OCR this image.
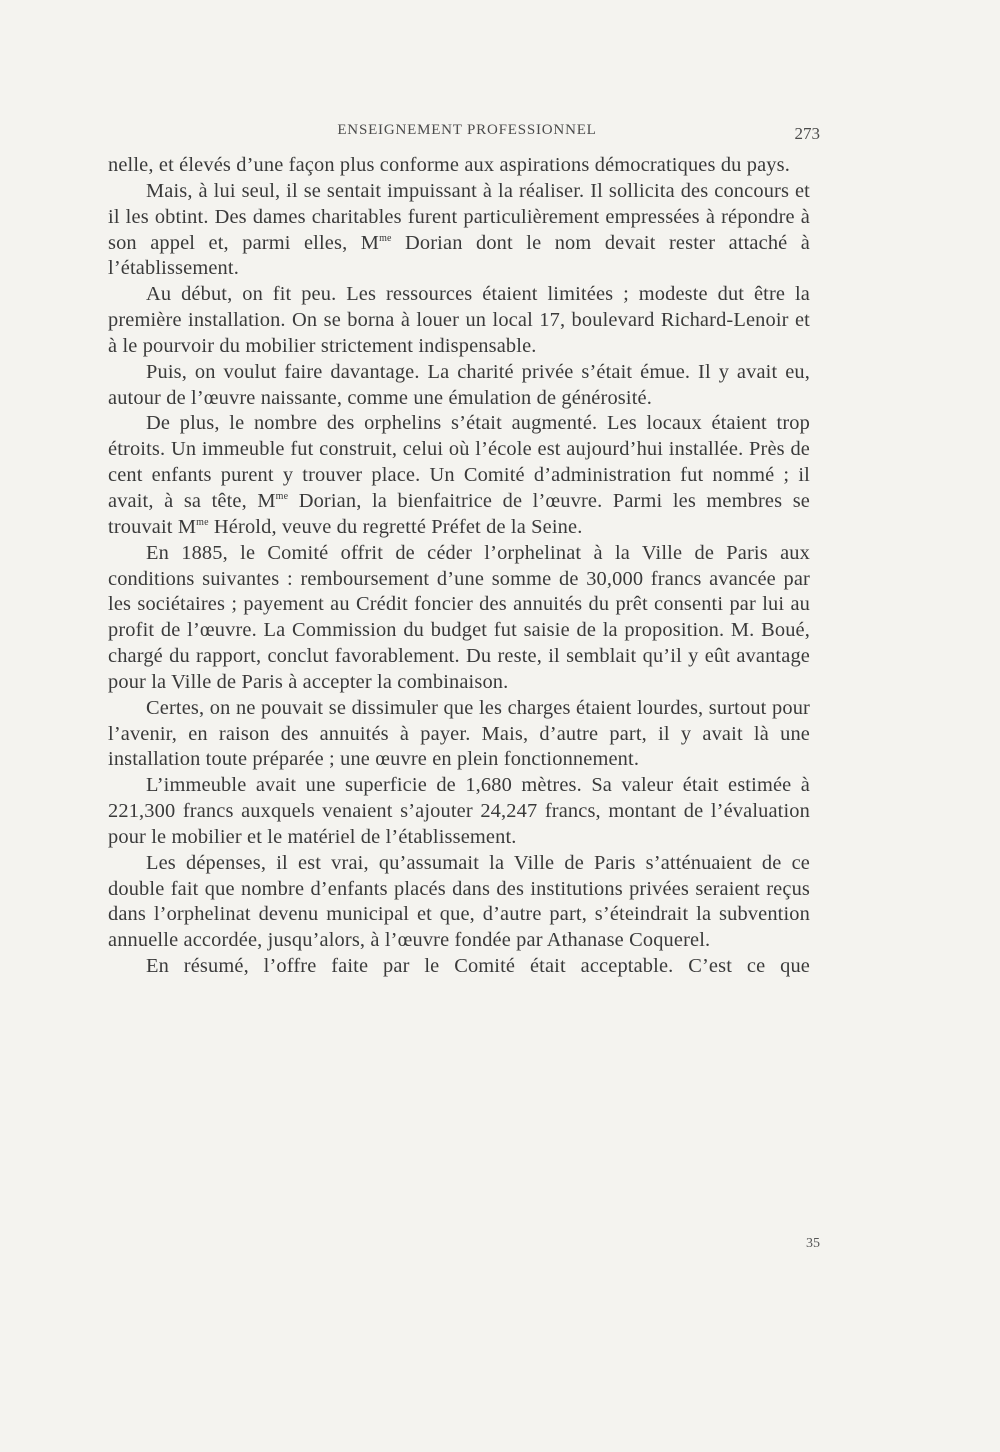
ENSEIGNEMENT PROFESSIONNEL	273

nelle, et élevés d’une façon plus conforme aux aspirations démocratiques du pays.

Mais, à lui seul, il se sentait impuissant à la réaliser. Il sollicita des concours et il les obtint. Des dames charitables furent particulièrement empressées à répondre à son appel et, parmi elles, $M^{me}$ Dorian dont le nom devait rester attaché à l’établissement.

Au début, on fit peu. Les ressources étaient limitées ; modeste dut être la première installation. On se borna à louer un local 17, boulevard Richard-Lenoir et à le pourvoir du mobilier strictement indispensable.

Puis, on voulut faire davantage. La charité privée s’était émue. Il y avait eu, autour de l’œuvre naissante, comme une émulation de générosité.

De plus, le nombre des orphelins s’était augmenté. Les locaux étaient trop étroits. Un immeuble fut construit, celui où l’école est aujourd’hui installée. Près de cent enfants purent y trouver place. Un Comité d’administration fut nommé ; il avait, à sa tête, $M^{me}$ Dorian, la bienfaitrice de l’œuvre. Parmi les membres se trouvait $M^{me}$ Hérold, veuve du regretté Préfet de la Seine.

En 1885, le Comité offrit de céder l’orphelinat à la Ville de Paris aux conditions suivantes : remboursement d’une somme de 30,000 francs avancée par les sociétaires ; payement au Crédit foncier des annuités du prêt consenti par lui au profit de l’œuvre. La Commission du budget fut saisie de la proposition. M. Boué, chargé du rapport, conclut favorablement. Du reste, il semblait qu’il y eût avantage pour la Ville de Paris à accepter la combinaison.

Certes, on ne pouvait se dissimuler que les charges étaient lourdes, surtout pour l’avenir, en raison des annuités à payer. Mais, d’autre part, il y avait là une installation toute préparée ; une œuvre en plein fonctionnement.

L’immeuble avait une superficie de 1,680 mètres. Sa valeur était estimée à 221,300 francs auxquels venaient s’ajouter 24,247 francs, montant de l’évaluation pour le mobilier et le matériel de l’établissement.

Les dépenses, il est vrai, qu’assumait la Ville de Paris s’atténuaient de ce double fait que nombre d’enfants placés dans des institutions privées seraient reçus dans l’orphelinat devenu municipal et que, d’autre part, s’éteindrait la subvention annuelle accordée, jusqu’alors, à l’œuvre fondée par Athanase Coquerel.

En résumé, l’offre faite par le Comité était acceptable. C’est ce que

35
